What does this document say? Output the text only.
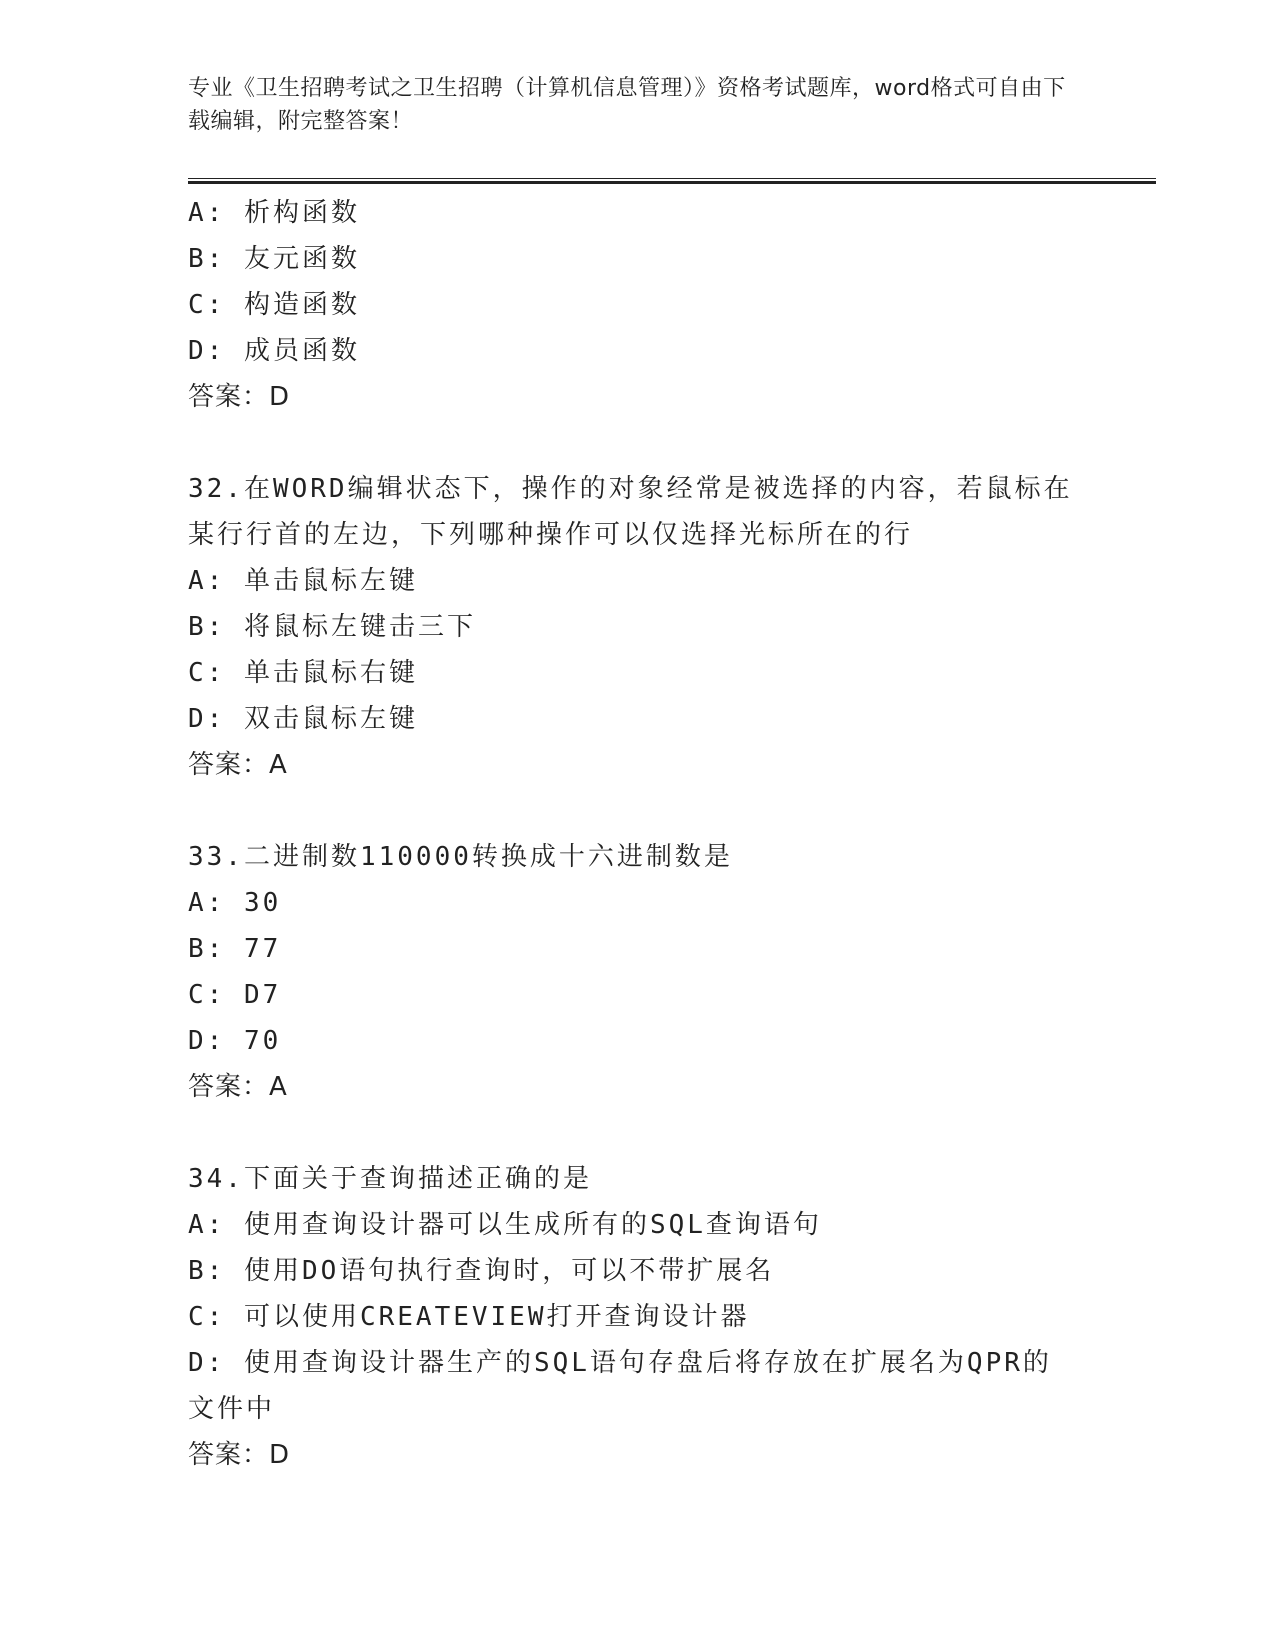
专业《卫生招聘考试之卫生招聘（计算机信息管理）》资格考试题库，word格式可自由下载编辑，附完整答案！
A: 析构函数
B: 友元函数
C: 构造函数
D: 成员函数
答案：D
32.在WORD编辑状态下，操作的对象经常是被选择的内容，若鼠标在某行行首的左边，下列哪种操作可以仅选择光标所在的行
A: 单击鼠标左键
B: 将鼠标左键击三下
C: 单击鼠标右键
D: 双击鼠标左键
答案：A
33.二进制数110000转换成十六进制数是
A: 30
B: 77
C: D7
D: 70
答案：A
34.下面关于查询描述正确的是
A: 使用查询设计器可以生成所有的SQL查询语句
B: 使用DO语句执行查询时，可以不带扩展名
C: 可以使用CREATEVIEW打开查询设计器
D: 使用查询设计器生产的SQL语句存盘后将存放在扩展名为QPR的文件中
答案：D
